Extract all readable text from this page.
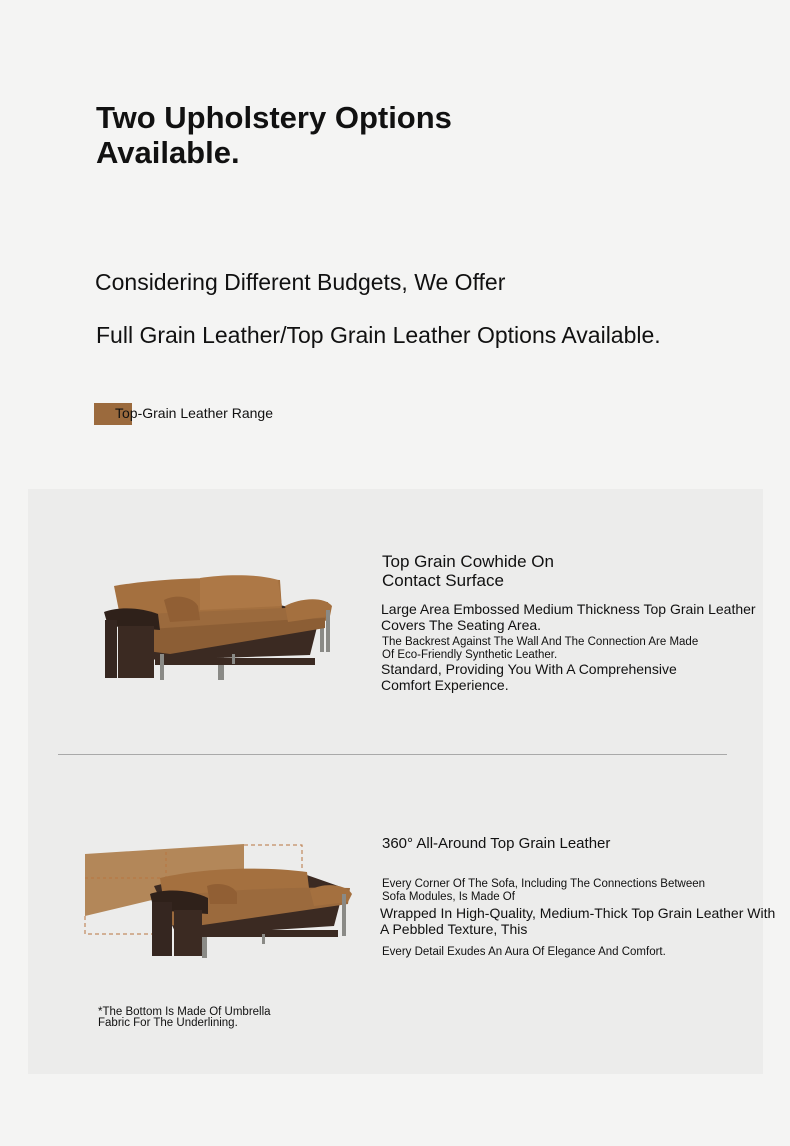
Two Upholstery Options
Available.
Considering Different Budgets, We Offer
Full Grain Leather/Top Grain Leather Options Available.
Top-Grain Leather Range
Top Grain Cowhide On
Contact Surface
Large Area Embossed Medium Thickness Top Grain Leather
Covers The Seating Area.
The Backrest Against The Wall And The Connection Are Made
Of Eco-Friendly Synthetic Leather.
Standard, Providing You With A Comprehensive
Comfort Experience.
360° All-Around Top Grain Leather
Every Corner Of The Sofa, Including The Connections Between
Sofa Modules, Is Made Of
Wrapped In High-Quality, Medium-Thick Top Grain Leather With
A Pebbled Texture, This
Every Detail Exudes An Aura Of Elegance And Comfort.
*The Bottom Is Made Of Umbrella
Fabric For The Underlining.
